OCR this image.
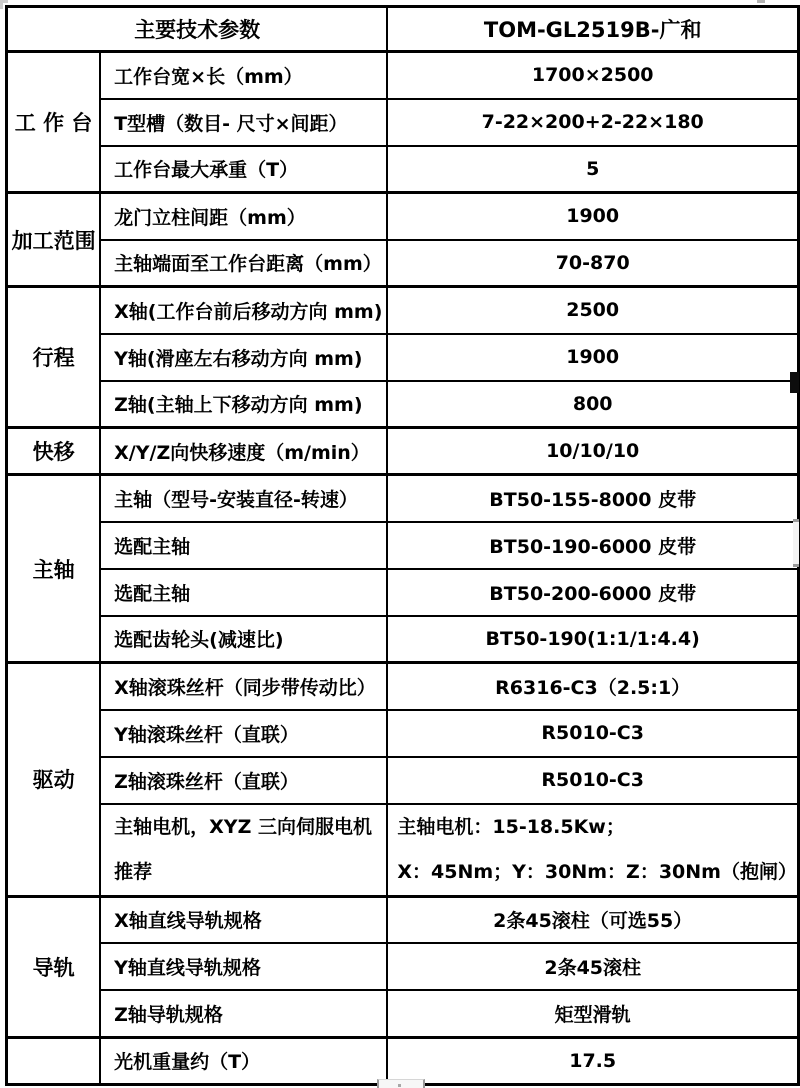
主要技术参数		TOM-GL2519B-广和
工 作 台	工作台宽×长（mm）	1700×2500
	T型槽（数目- 尺寸×间距）	7-22×200+2-22×180
	工作台最大承重（T）	5
加工范围	龙门立柱间距（mm）	1900
	主轴端面至工作台距离（mm）	70-870
行程	X轴(工作台前后移动方向 mm)	2500
	Y轴(滑座左右移动方向 mm)	1900
	Z轴(主轴上下移动方向 mm)	800
快移	X/Y/Z向快移速度（m/min）	10/10/10
主轴	主轴（型号-安装直径-转速）	BT50-155-8000 皮带
	选配主轴	BT50-190-6000 皮带
	选配主轴	BT50-200-6000 皮带
	选配齿轮头(减速比)	BT50-190(1:1/1:4.4)
驱动	X轴滚珠丝杆（同步带传动比）	R6316-C3（2.5:1）
	Y轴滚珠丝杆（直联）	R5010-C3
	Z轴滚珠丝杆（直联）	R5010-C3
	主轴电机，XYZ 三向伺服电机推荐	主轴电机：15-18.5Kw；
X：45Nm；Y：30Nm：Z：30Nm（抱闸）

导轨	X轴直线导轨规格	2条45滚柱（可选55）
	Y轴直线导轨规格	2条45滚柱
	Z轴导轨规格	矩型滑轨
	光机重量约（T）	17.5
